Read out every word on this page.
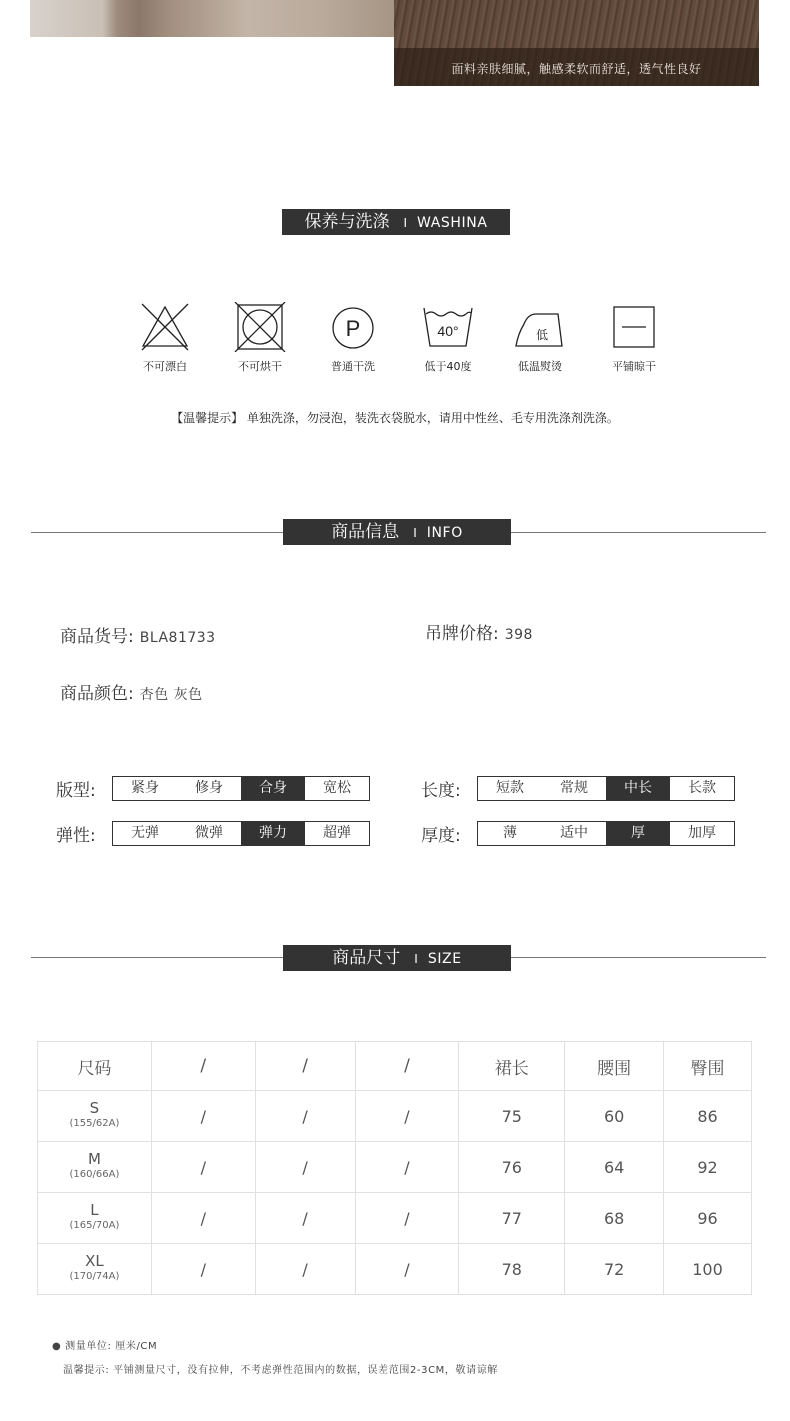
面料亲肤细腻，触感柔软而舒适，透气性良好
保养与洗涤 I WASHINA
不可漂白	不可烘干
P
普通干洗
40°
低于40度
低
低温熨烫	平铺晾干
【温馨提示】 单独洗涤，勿浸泡，装洗衣袋脱水，请用中性丝、毛专用洗涤剂洗涤。
商品信息 I INFO
商品货号: BLA81733	吊牌价格: 398
商品颜色: 杏色 灰色
版型:	紧身	修身	合身	宽松	长度:	短款	常规	中长	长款
弹性:	无弹	微弹	弹力	超弹	厚度:	薄	适中	厚	加厚
商品尺寸 I SIZE
尺码	/	/	/	裙长	腰围	臀围

S
(155/62A)	/	/	/	75	60	86

M
(160/66A)	/	/	/	76	64	92

L
(165/70A)	/	/	/	77	68	96

XL
(170/74A)	/	/	/	78	72	100
● 测量单位: 厘米/CM
温馨提示: 平铺测量尺寸，没有拉伸，不考虑弹性范围内的数据，误差范围2-3CM，敬请谅解
